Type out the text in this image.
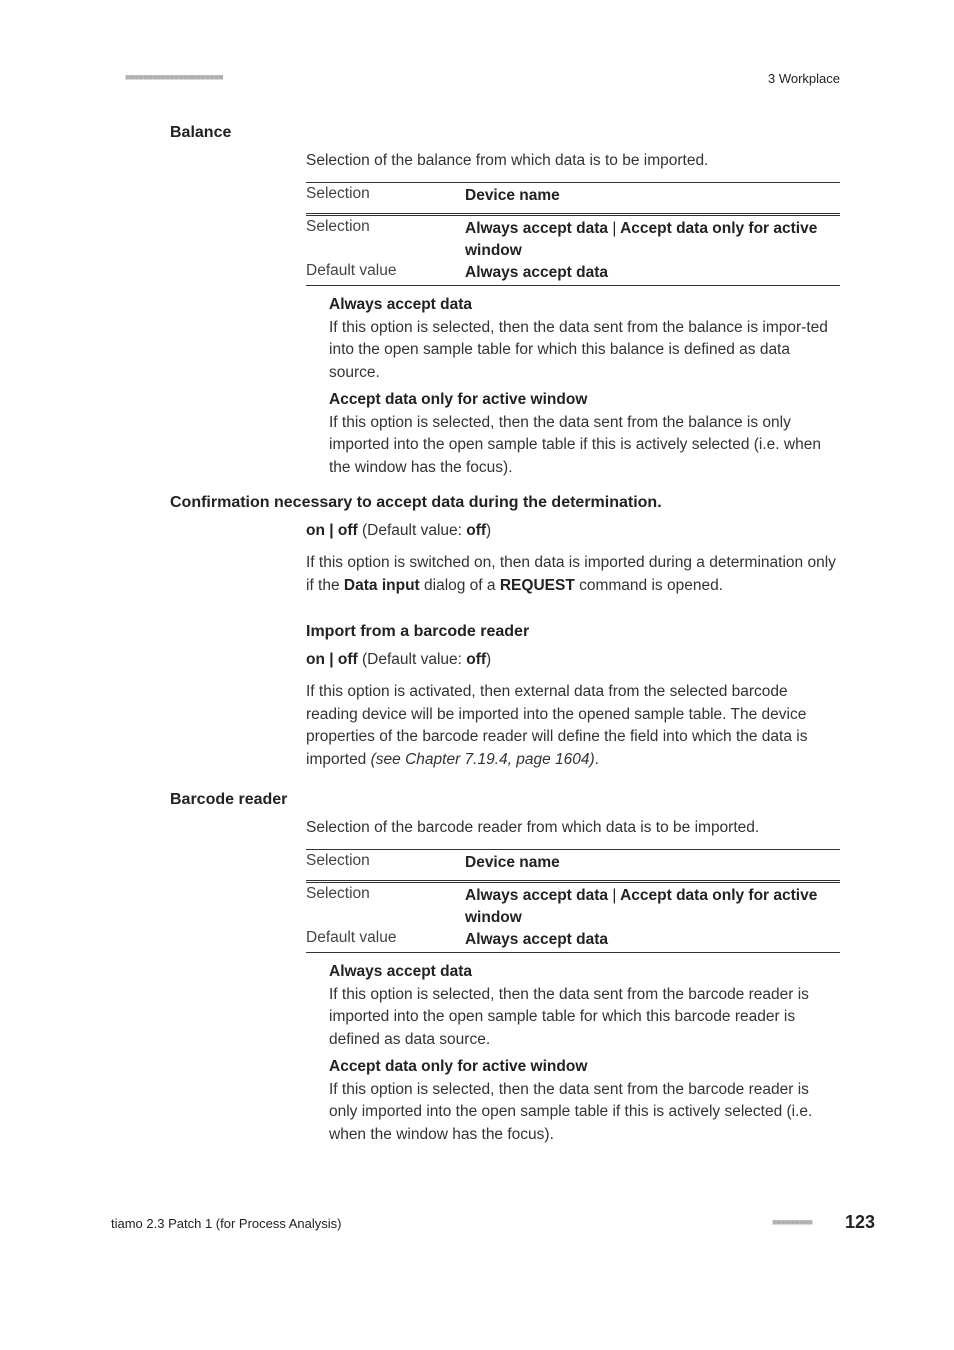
■■■■■■■■■■■■■■■■■■■■■■	3 Workplace
Balance
Selection of the balance from which data is to be imported.
Selection	Device name
Selection	Always accept data | Accept data only for active window
Default value	Always accept data
Always accept data
If this option is selected, then the data sent from the balance is impor-ted into the open sample table for which this balance is defined as data source.
Accept data only for active window
If this option is selected, then the data sent from the balance is only imported into the open sample table if this is actively selected (i.e. when the window has the focus).
Confirmation necessary to accept data during the determination.
on | off (Default value: off)
If this option is switched on, then data is imported during a determination only if the Data input dialog of a REQUEST command is opened.
Import from a barcode reader
on | off (Default value: off)
If this option is activated, then external data from the selected barcode reading device will be imported into the opened sample table. The device properties of the barcode reader will define the field into which the data is imported (see Chapter 7.19.4, page 1604).
Barcode reader
Selection of the barcode reader from which data is to be imported.
Selection	Device name
Selection	Always accept data | Accept data only for active window
Default value	Always accept data
Always accept data
If this option is selected, then the data sent from the barcode reader is imported into the open sample table for which this barcode reader is defined as data source.
Accept data only for active window
If this option is selected, then the data sent from the barcode reader is only imported into the open sample table if this is actively selected (i.e. when the window has the focus).
tiamo 2.3 Patch 1 (for Process Analysis)	■■■■■■■■■ 123
